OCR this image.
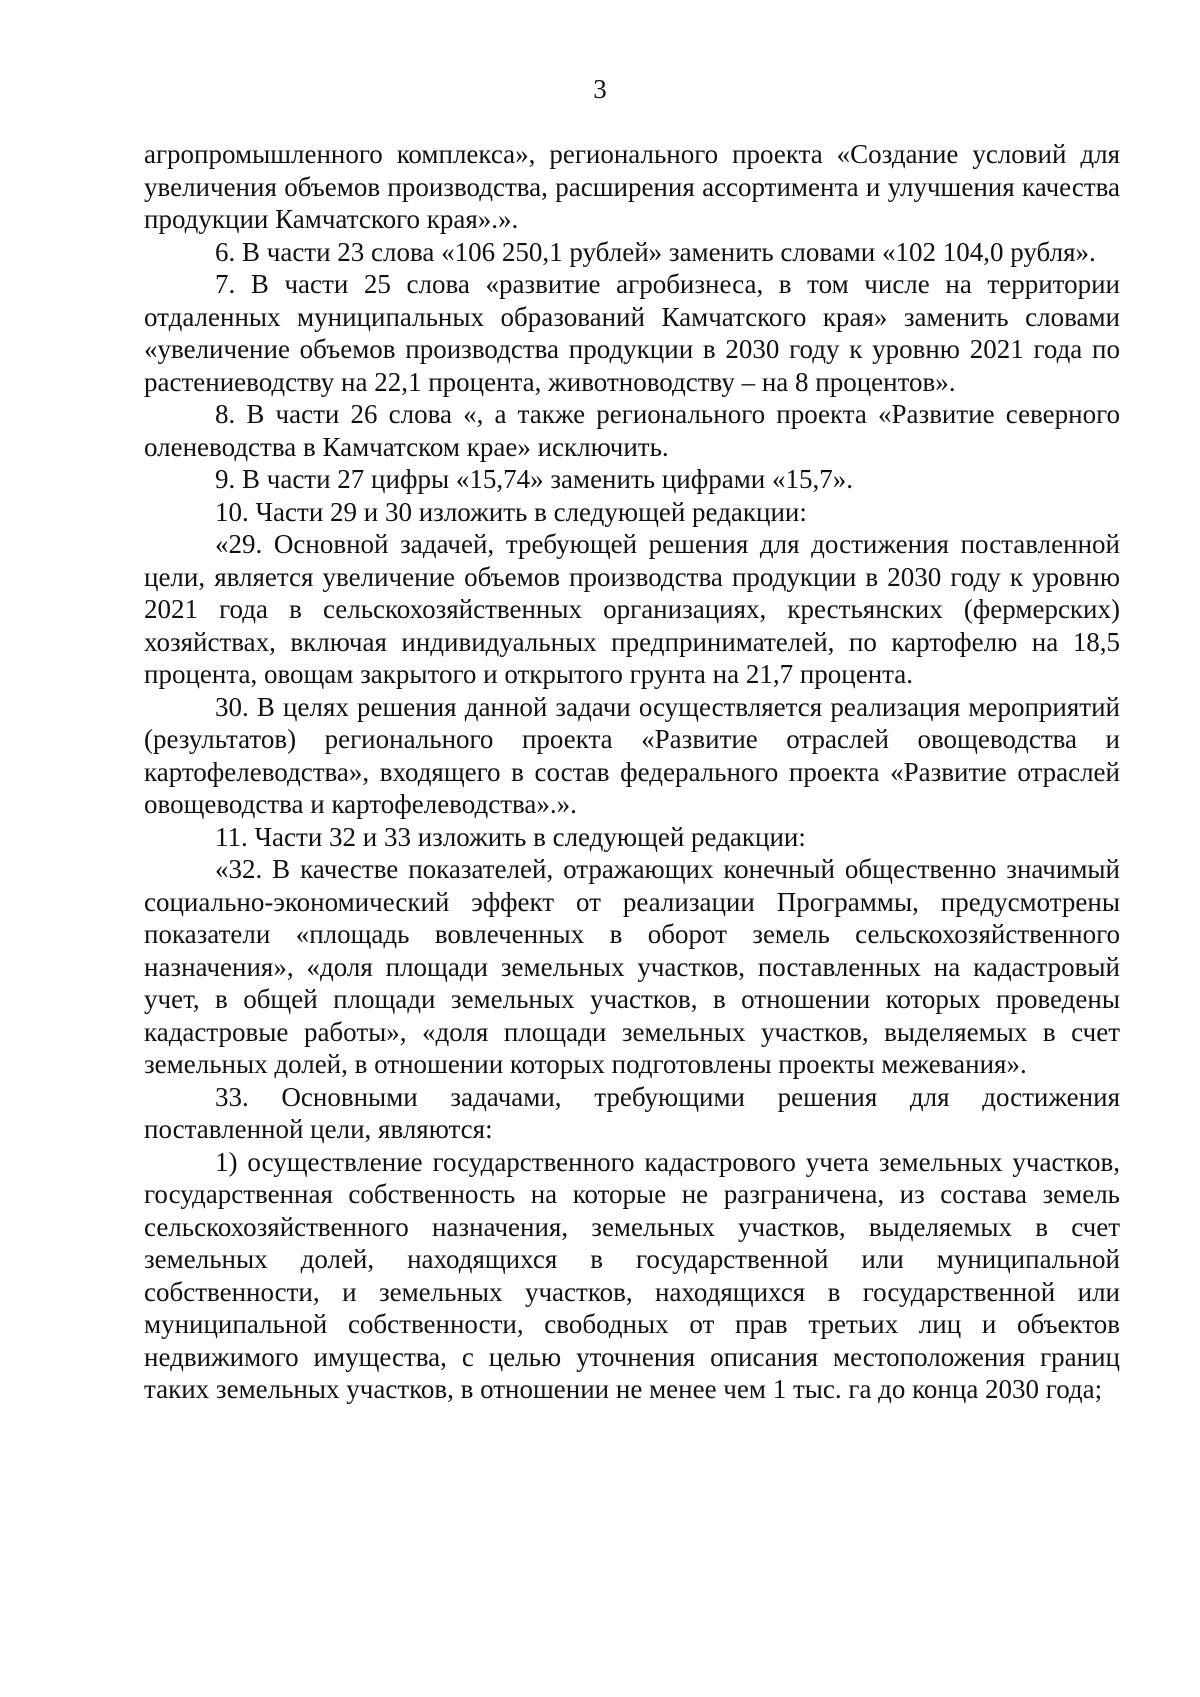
3

агропромышленного комплекса», регионального проекта «Создание условий для увеличения объемов производства, расширения ассортимента и улучшения качества продукции Камчатского края».».

6. В части 23 слова «106 250,1 рублей» заменить словами «102 104,0 рубля».

7. В части 25 слова «развитие агробизнеса, в том числе на территории отдаленных муниципальных образований Камчатского края» заменить словами «увеличение объемов производства продукции в 2030 году к уровню 2021 года по растениеводству на 22,1 процента, животноводству – на 8 процентов».

8. В части 26 слова «, а также регионального проекта «Развитие северного оленеводства в Камчатском крае» исключить.

9. В части 27 цифры «15,74» заменить цифрами «15,7».

10. Части 29 и 30 изложить в следующей редакции:

«29. Основной задачей, требующей решения для достижения поставленной цели, является увеличение объемов производства продукции в 2030 году к уровню 2021 года в сельскохозяйственных организациях, крестьянских (фермерских) хозяйствах, включая индивидуальных предпринимателей, по картофелю на 18,5 процента, овощам закрытого и открытого грунта на 21,7 процента.

30. В целях решения данной задачи осуществляется реализация мероприятий (результатов) регионального проекта «Развитие отраслей овощеводства и картофелеводства», входящего в состав федерального проекта «Развитие отраслей овощеводства и картофелеводства».».

11. Части 32 и 33 изложить в следующей редакции:

«32. В качестве показателей, отражающих конечный общественно значимый социально-экономический эффект от реализации Программы, предусмотрены показатели «площадь вовлеченных в оборот земель сельскохозяйственного назначения», «доля площади земельных участков, поставленных на кадастровый учет, в общей площади земельных участков, в отношении которых проведены кадастровые работы», «доля площади земельных участков, выделяемых в счет земельных долей, в отношении которых подготовлены проекты межевания».

33. Основными задачами, требующими решения для достижения поставленной цели, являются:

1) осуществление государственного кадастрового учета земельных участков, государственная собственность на которые не разграничена, из состава земель сельскохозяйственного назначения, земельных участков, выделяемых в счет земельных долей, находящихся в государственной или муниципальной собственности, и земельных участков, находящихся в государственной или муниципальной собственности, свободных от прав третьих лиц и объектов недвижимого имущества, с целью уточнения описания местоположения границ таких земельных участков, в отношении не менее чем 1 тыс. га до конца 2030 года;
